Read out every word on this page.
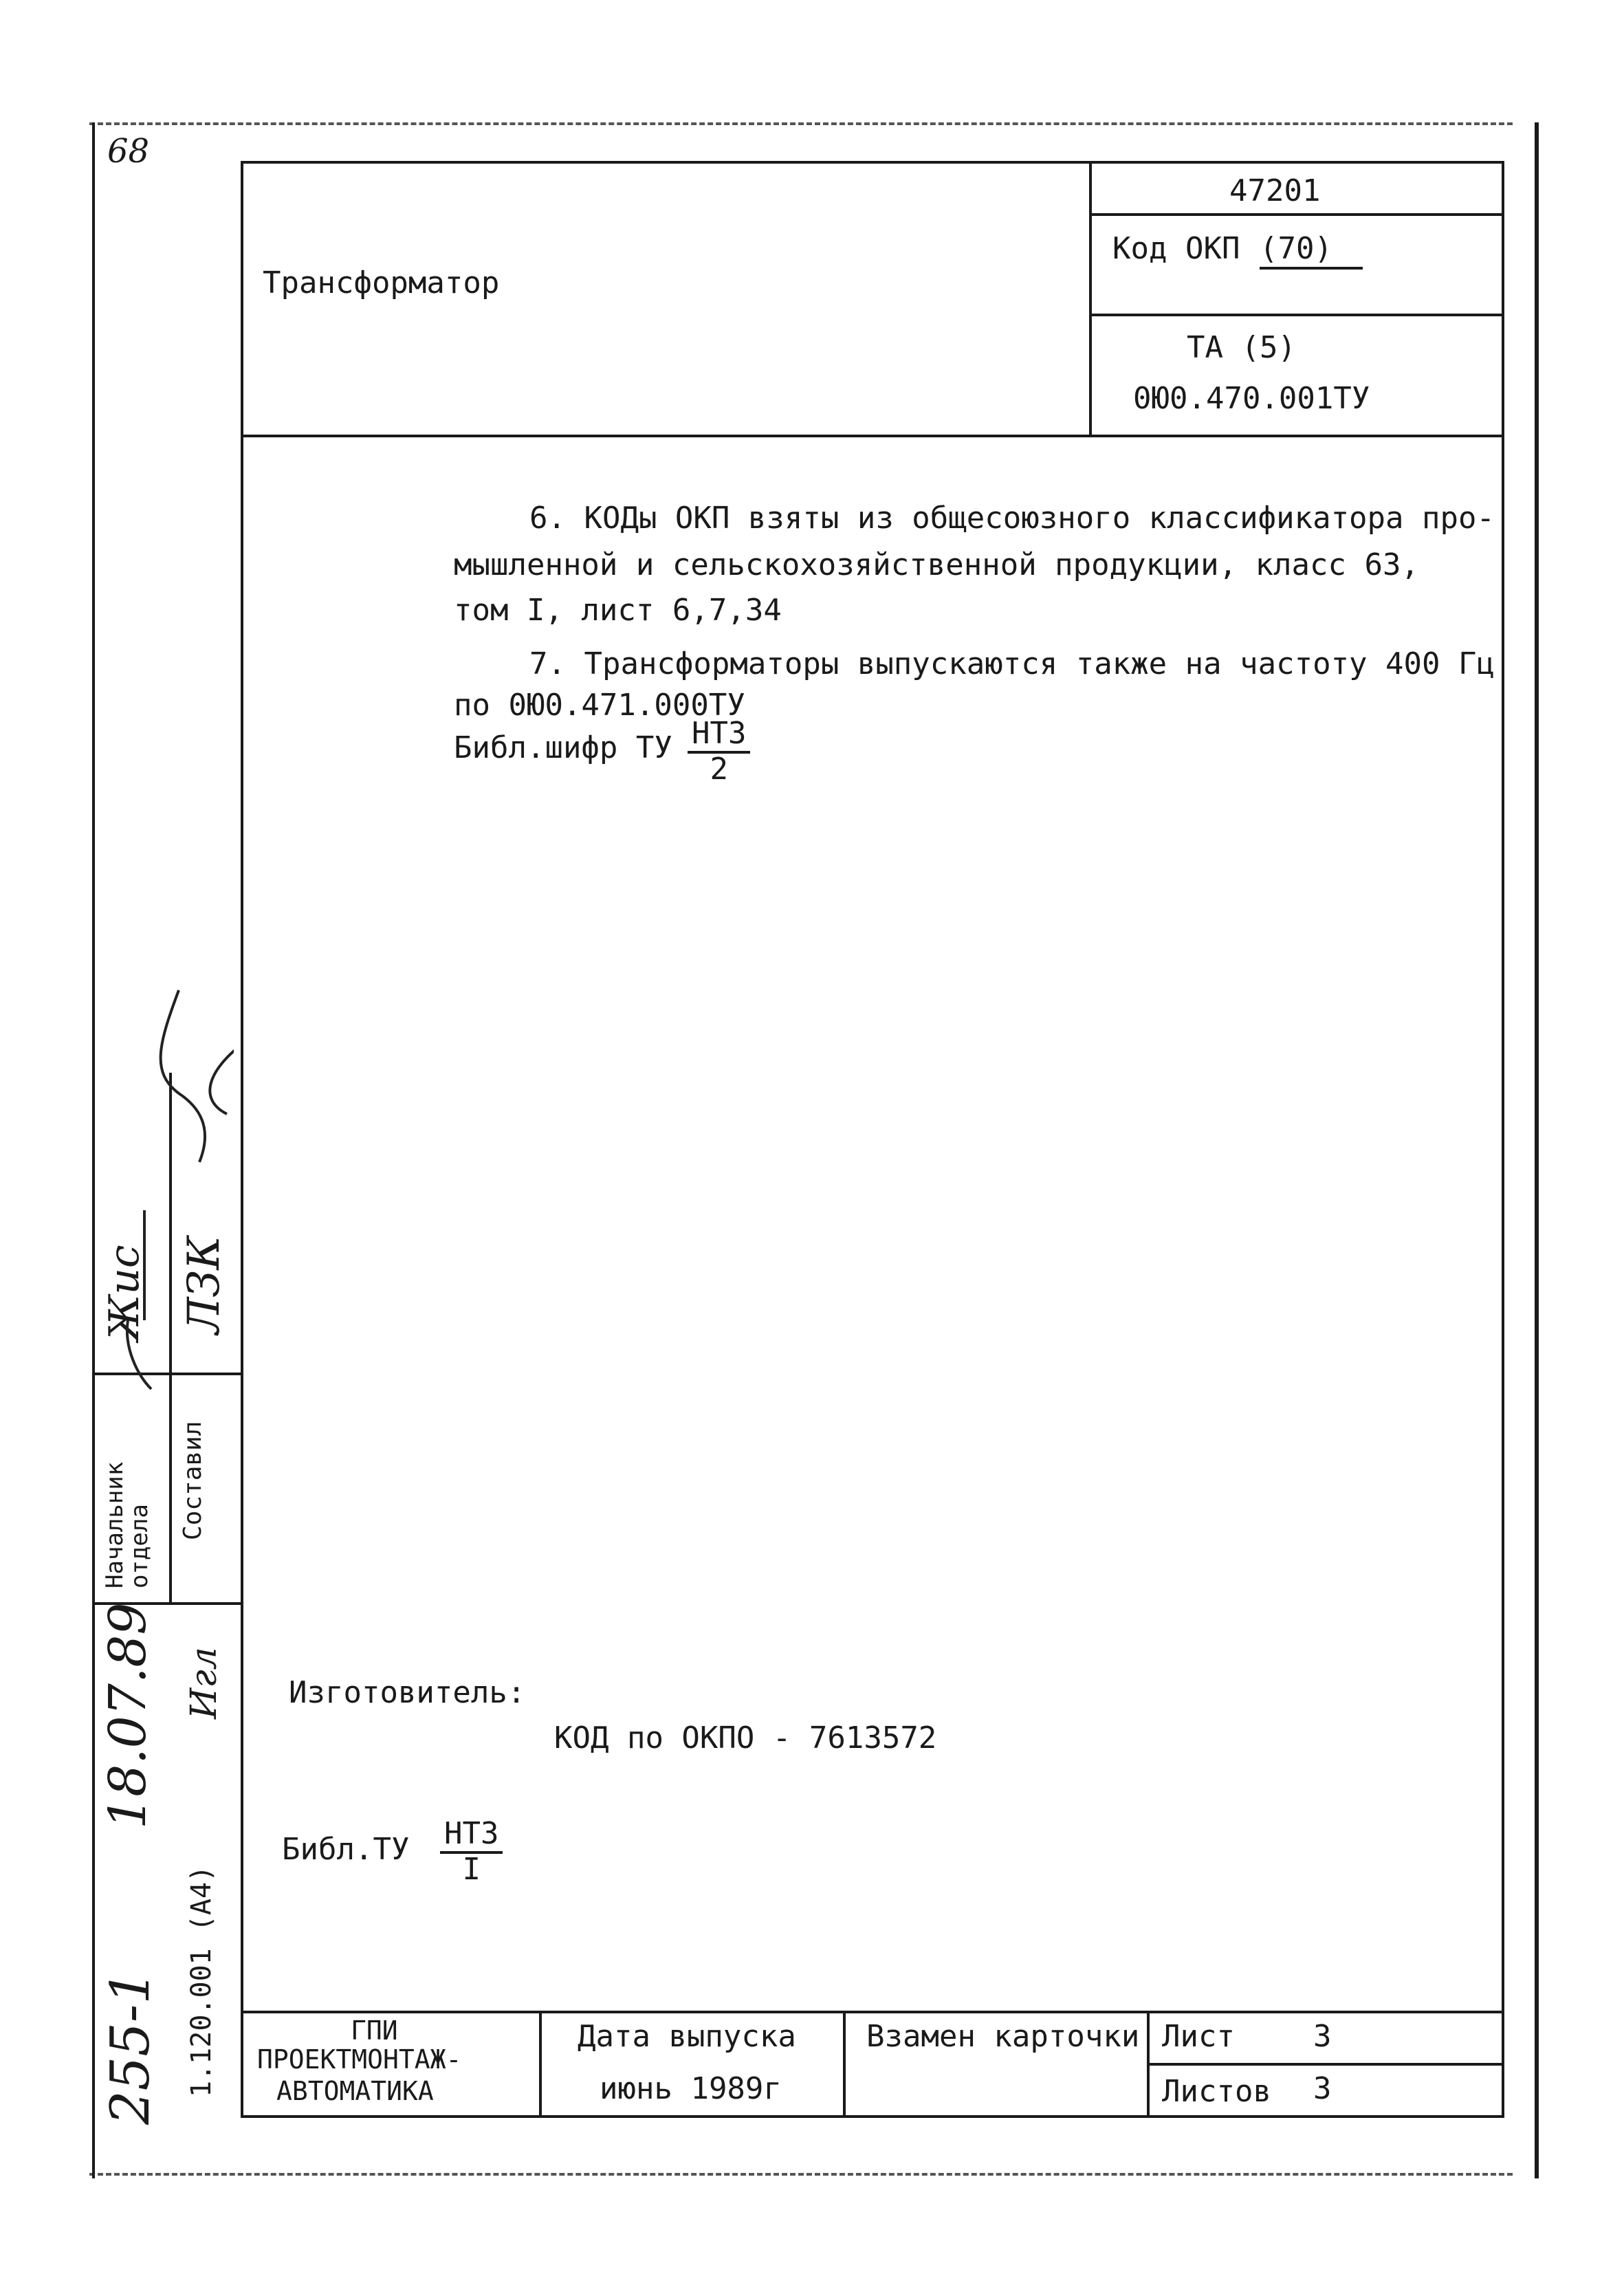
Трансформатор
47201
Код ОКП (70)
ТА (5)
0Ю0.470.001ТУ
6. КОДы ОКП взяты из общесоюзного классификатора про-
мышленной и сельскохозяйственной продукции, класс 63,
том I, лист 6,7,34
7. Трансформаторы выпускаются также на частоту 400 Гц
по 0Ю0.471.000ТУ
Библ.шифр ТУ НТЗ
2
Изготовитель:
КОД по ОКПО - 7613572
Библ.ТУ НТЗ
I
ГПИ
ПРОЕКТМОНТАЖ-
АВТОМАТИКА
Дата выпуска
июнь 1989г
Взамен карточки Лист	3
Листов 3
Начальник отдела
Составил
68
255-1
18.07.89
1.120.001 (А4)
Игл
ЛЗК
Жис
